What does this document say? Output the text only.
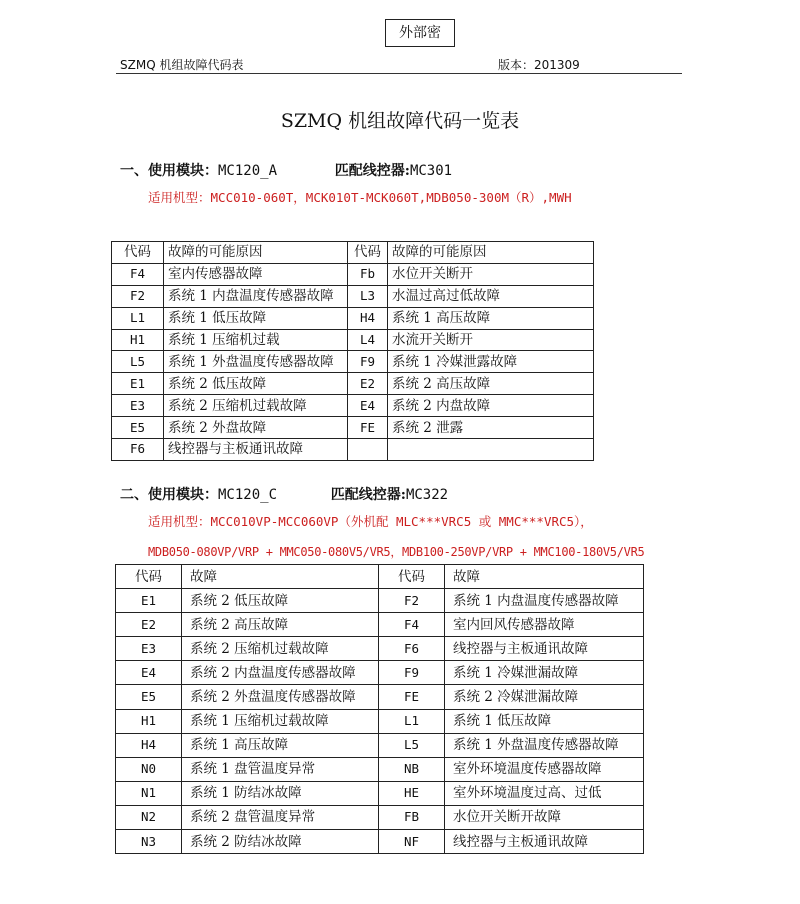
外部密
SZMQ 机组故障代码表	版本：201309
SZMQ 机组故障代码一览表
一、使用模块：MC120_A	匹配线控器:MC301
适用机型：MCC010-060T，MCK010T-MCK060T,MDB050-300M（R）,MWH
代码	故障的可能原因	代码	故障的可能原因
F4	室内传感器故障	Fb	水位开关断开
F2	系统 1 内盘温度传感器故障	L3	水温过高过低故障
L1	系统 1 低压故障	H4	系统 1 高压故障
H1	系统 1 压缩机过载	L4	水流开关断开
L5	系统 1 外盘温度传感器故障	F9	系统 1 冷媒泄露故障
E1	系统 2 低压故障	E2	系统 2 高压故障
E3	系统 2 压缩机过载故障	E4	系统 2 内盘故障
E5	系统 2 外盘故障	FE	系统 2 泄露
F6	线控器与主板通讯故障		
二、使用模块：MC120_C	匹配线控器:MC322
适用机型：MCC010VP-MCC060VP（外机配 MLC***VRC5 或 MMC***VRC5），
MDB050-080VP/VRP + MMC050-080V5/VR5，MDB100-250VP/VRP + MMC100-180V5/VR5
代码	故障	代码	故障
E1	系统 2 低压故障	F2	系统 1 内盘温度传感器故障
E2	系统 2 高压故障	F4	室内回风传感器故障
E3	系统 2 压缩机过载故障	F6	线控器与主板通讯故障
E4	系统 2 内盘温度传感器故障	F9	系统 1 冷媒泄漏故障
E5	系统 2 外盘温度传感器故障	FE	系统 2 冷媒泄漏故障
H1	系统 1 压缩机过载故障	L1	系统 1 低压故障
H4	系统 1 高压故障	L5	系统 1 外盘温度传感器故障
N0	系统 1 盘管温度异常	NB	室外环境温度传感器故障
N1	系统 1 防结冰故障	HE	室外环境温度过高、过低
N2	系统 2 盘管温度异常	FB	水位开关断开故障
N3	系统 2 防结冰故障	NF	线控器与主板通讯故障
